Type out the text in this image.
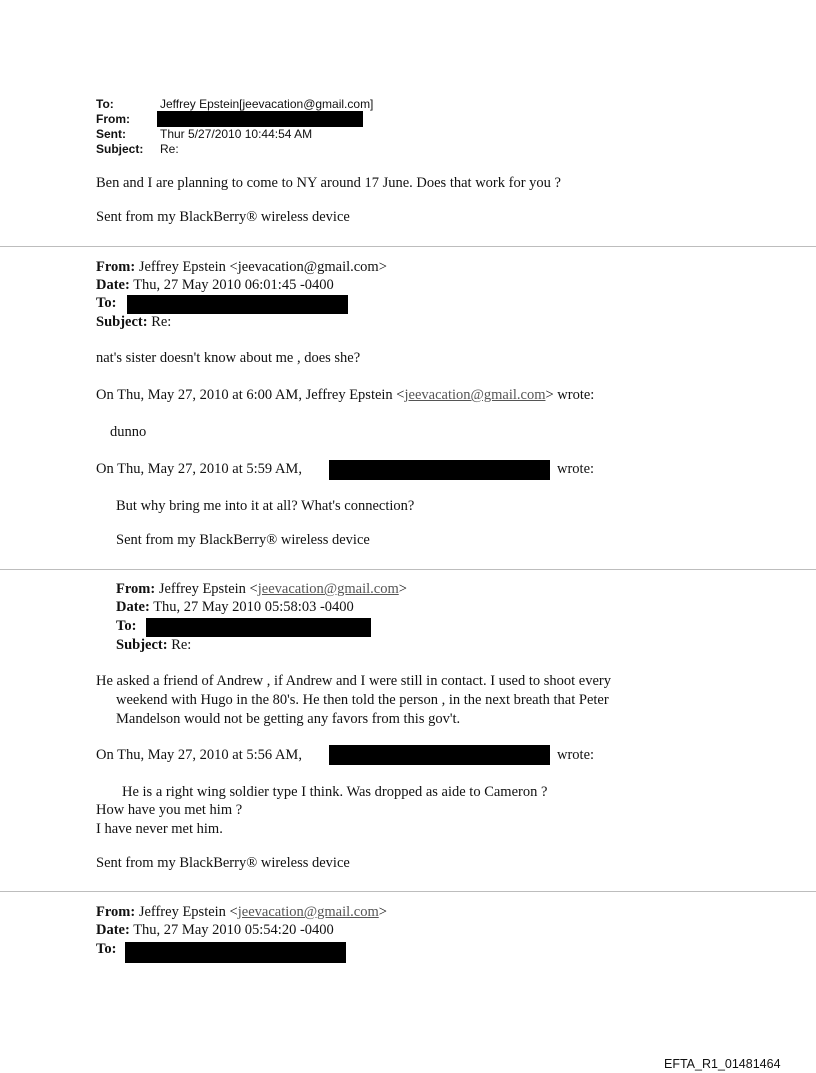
To:	Jeffrey Epstein[jeevacation@gmail.com]
From:
Sent:	Thur 5/27/2010 10:44:54 AM
Subject: Re:
Ben and I are planning to come to NY around 17 June. Does that work for you ?
Sent from my BlackBerry® wireless device
From: Jeffrey Epstein <jeevacation@gmail.com>
Date: Thu, 27 May 2010 06:01:45 -0400
To:
Subject: Re:
nat's sister doesn't know about me , does she?
On Thu, May 27, 2010 at 6:00 AM, Jeffrey Epstein <jeevacation@gmail.com> wrote:
dunno
On Thu, May 27, 2010 at 5:59 AM,	wrote:
But why bring me into it at all? What's connection?
Sent from my BlackBerry® wireless device
From: Jeffrey Epstein <jeevacation@gmail.com>
Date: Thu, 27 May 2010 05:58:03 -0400
To:
Subject: Re:
He asked a friend of Andrew , if Andrew and I were still in contact. I used to shoot every
weekend with Hugo in the 80's. He then told the person , in the next breath that Peter
Mandelson would not be getting any favors from this gov't.
On Thu, May 27, 2010 at 5:56 AM,	wrote:
He is a right wing soldier type I think. Was dropped as aide to Cameron ?
How have you met him ?
I have never met him.
Sent from my BlackBerry® wireless device
From: Jeffrey Epstein <jeevacation@gmail.com>
Date: Thu, 27 May 2010 05:54:20 -0400
To:
EFTA_R1_01481464
